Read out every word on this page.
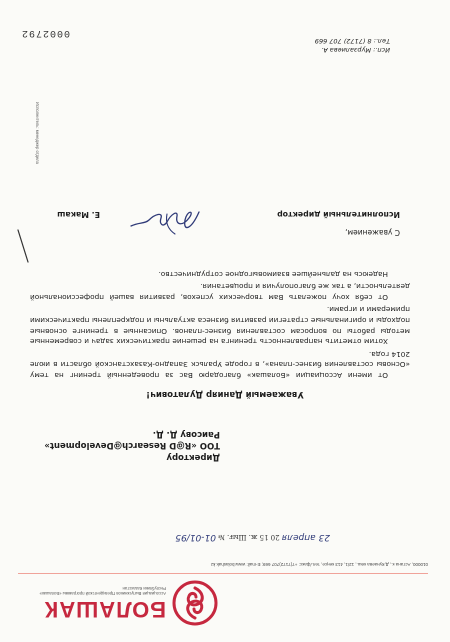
БОЛАШАК
Ассоциация Выпускников Президентской программы «Болашак» Республики Казахстан
010000, Астана к., Д.Кунаева көш., 12/1, 413 кеңсе, тел./факс: +7(7172)707 669; E-mail: www.bolashak.kz
23 апреля 20 15 ж. Шығ. № 01-01/95
Директору
ТОО «R@D Research@Development»
Раисову Д. Д.
Уважаемый Данияр Дулатович!

От имени Ассоциации «Болашак» благодарю Вас за проведенный тренинг на тему «Основы составления бизнес-плана», в городе Уральск Западно-Казахстанской области в июле 2014 года.

Хотим отметить направленность тренинга на решение практических задач и современные методы работы по вопросам составления бизнес-планов. Описанные в тренинге основные подходы и оригинальные стратегии развития бизнеса актуальны и подкреплены практическими примерами и играми.

От себя хочу пожелать Вам творческих успехов, развития вашей профессиональной деятельности, а так же благополучия и процветания.

Надеюсь на дальнейшее взаимовыгодное сотрудничество.

С уважением,
Исполнительный директор
Е. Макаш
Исполнитель: менеджер отдела
Исп.: Мурзалиева А.
Тел.: 8 (7172) 707 669
0002792
